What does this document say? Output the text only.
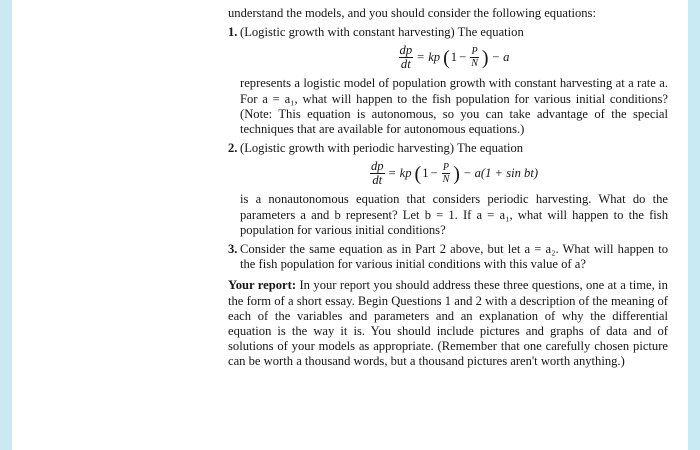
understand the models, and you should consider the following equations:

1. (Logistic growth with constant harvesting) The equation

$\frac{dp}{dt}$ = kp ( $1 - \frac{P}{N}$ ) − a

represents a logistic model of population growth with constant harvesting at a rate a. For a = a₁, what will happen to the fish population for various initial conditions? (Note: This equation is autonomous, so you can take advantage of the special techniques that are available for autonomous equations.)

2. (Logistic growth with periodic harvesting) The equation

$\frac{dp}{dt}$ = kp ( $1 - \frac{P}{N}$ ) − a(1 + sin bt)

is a nonautonomous equation that considers periodic harvesting. What do the parameters a and b represent? Let b = 1. If a = a₁, what will happen to the fish population for various initial conditions?

3. Consider the same equation as in Part 2 above, but let a = a₂. What will happen to the fish population for various initial conditions with this value of a?

Your report: In your report you should address these three questions, one at a time, in the form of a short essay. Begin Questions 1 and 2 with a description of the meaning of each of the variables and parameters and an explanation of why the differential equation is the way it is. You should include pictures and graphs of data and of solutions of your models as appropriate. (Remember that one carefully chosen picture can be worth a thousand words, but a thousand pictures aren't worth anything.)
